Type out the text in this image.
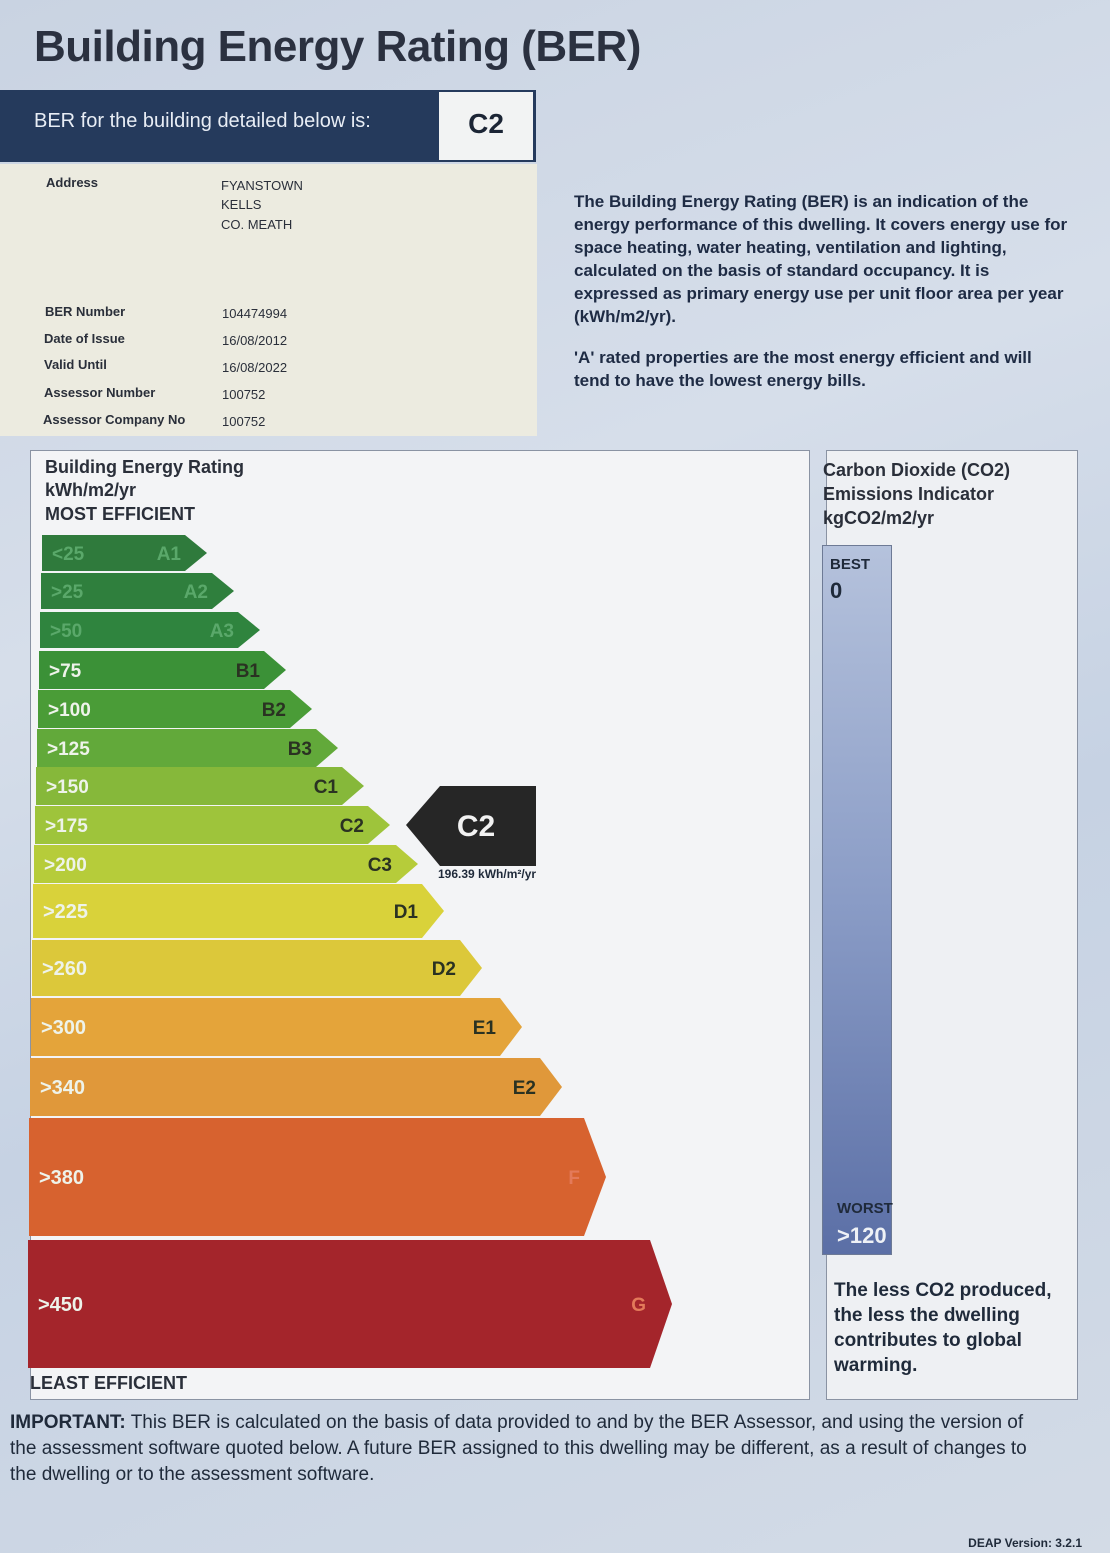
Building Energy Rating (BER)
BER for the building detailed below is:	C2
Address	FYANSTOWN
KELLS
CO. MEATH
BER Number	104474994
Date of Issue	16/08/2012
Valid Until	16/08/2022
Assessor Number	100752
Assessor Company No	100752
The Building Energy Rating (BER) is an indication of the energy performance of this dwelling. It covers energy use for space heating, water heating, ventilation and lighting, calculated on the basis of standard occupancy. It is expressed as primary energy use per unit floor area per year (kWh/m2/yr).
'A' rated properties are the most energy efficient and will tend to have the lowest energy bills.
Building Energy Rating
kWh/m2/yr
MOST EFFICIENT
LEAST EFFICIENT
<25	A1
>25	A2
>50	A3
>75	B1
>100	B2
>125	B3
>150	C1
>175	C2
>200	C3
>225	D1
>260	D2
>300	E1
>340	E2
>380	F
>450	G
C2
196.39 kWh/m²/yr
Carbon Dioxide (CO2)
Emissions Indicator
kgCO2/m2/yr
BEST
0
WORST
>120
The less CO2 produced, the less the dwelling contributes to global warming.
IMPORTANT: This BER is calculated on the basis of data provided to and by the BER Assessor, and using the version of the assessment software quoted below. A future BER assigned to this dwelling may be different, as a result of changes to the dwelling or to the assessment software.
DEAP Version: 3.2.1
